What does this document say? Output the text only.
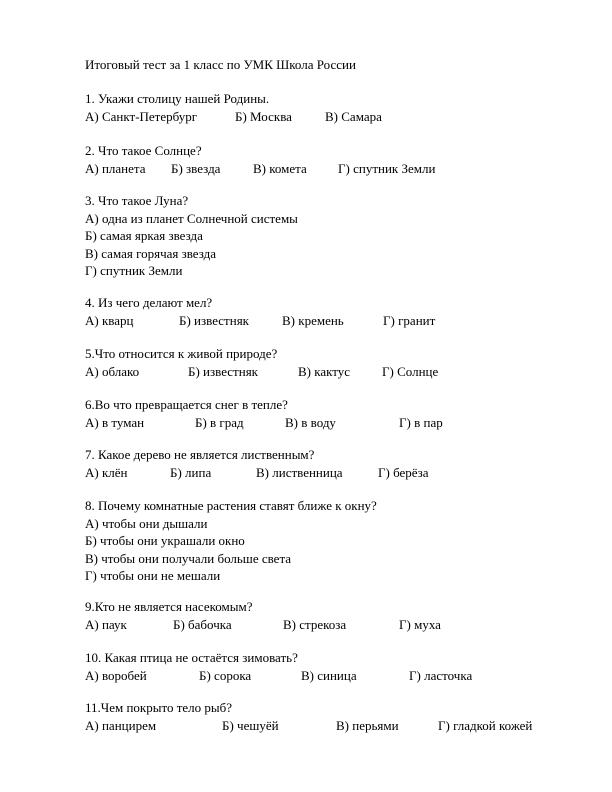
Итоговый тест за 1 класс по УМК Школа России
1. Укажи столицу нашей Родины.
А) Санкт-Петербург	Б) Москва	В) Самара
2. Что такое Солнце?
А) планета Б) звезда	В) комета Г) спутник Земли
3. Что такое Луна?
А) одна из планет Солнечной системы
Б) самая яркая звезда
В) самая горячая звезда
Г) спутник Земли
4. Из чего делают мел?
А) кварц	Б) известняк	В) кремень	Г) гранит
5.Что относится к живой природе?
А) облако	Б) известняк	В) кактус Г) Солнце
6.Во что превращается снег в тепле?
А) в туман	Б) в град	В) в воду	Г) в пар
7. Какое дерево не является лиственным?
А) клён	Б) липа	В) лиственница	Г) берёза
8. Почему комнатные растения ставят ближе к окну?
А) чтобы они дышали
Б) чтобы они украшали окно
В) чтобы они получали больше света
Г) чтобы они не мешали
9.Кто не является насекомым?
А) паук	Б) бабочка	В) стрекоза	Г) муха
10. Какая птица не остаётся зимовать?
А) воробей	Б) сорока	В) синица	Г) ласточка
11.Чем покрыто тело рыб?
А) панцирем	Б) чешуёй	В) перьями	Г) гладкой кожей
